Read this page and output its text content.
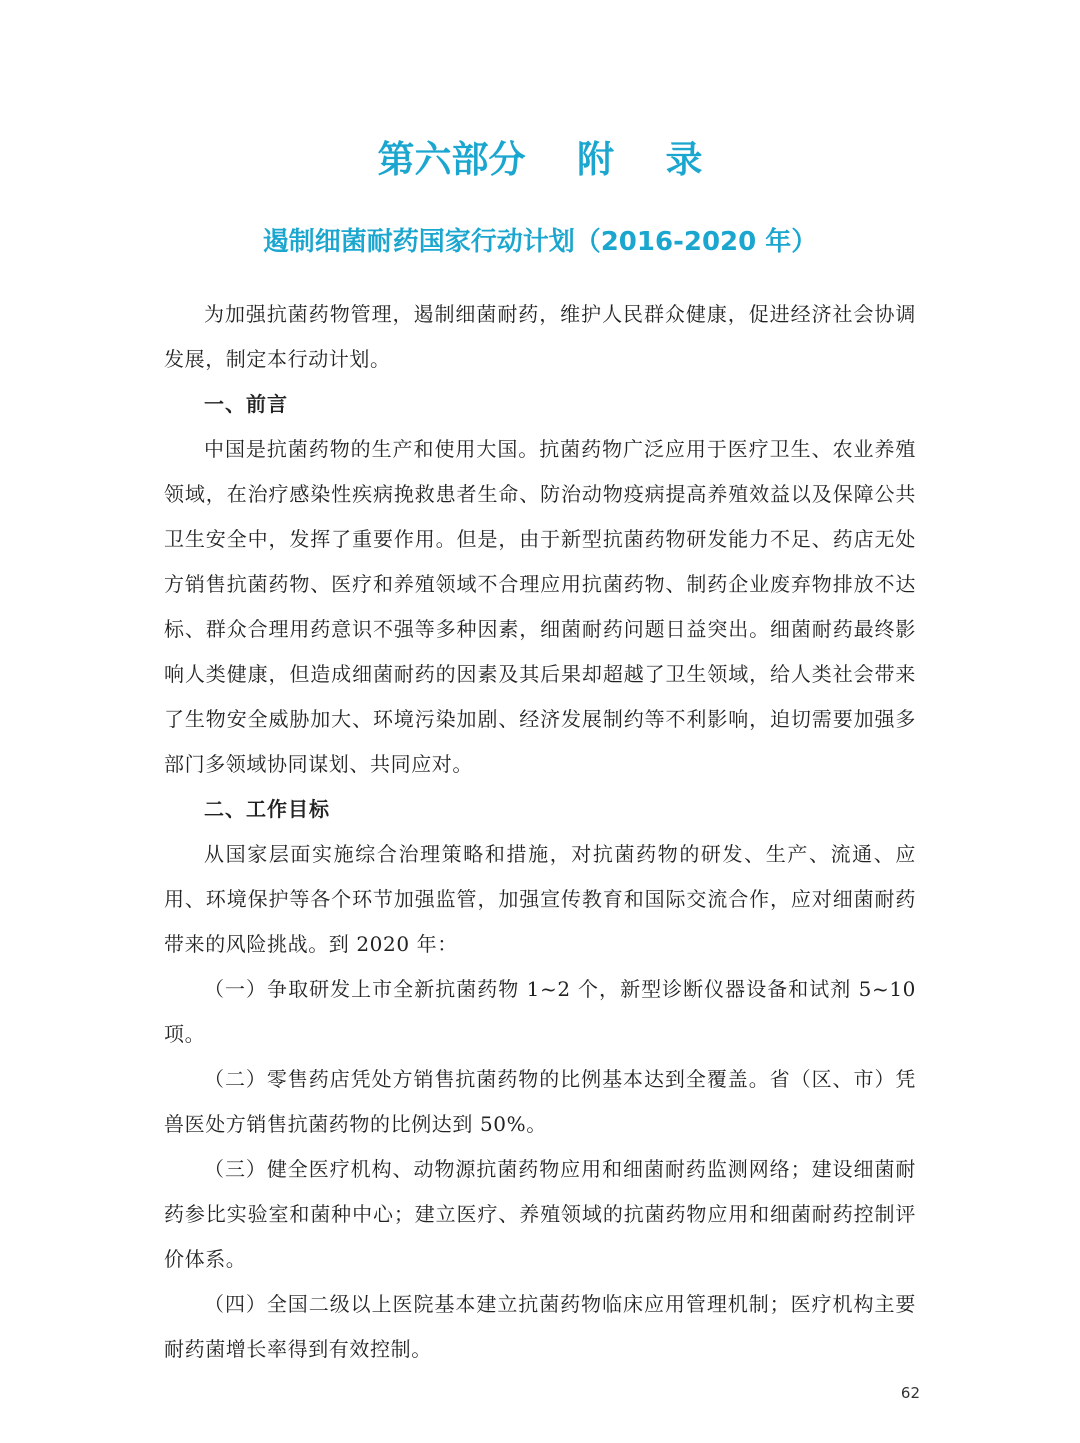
第六部分    附    录
遏制细菌耐药国家行动计划（2016-2020 年）

为加强抗菌药物管理，遏制细菌耐药，维护人民群众健康，促进经济社会协调发展，制定本行动计划。

一、前言

中国是抗菌药物的生产和使用大国。抗菌药物广泛应用于医疗卫生、农业养殖领域，在治疗感染性疾病挽救患者生命、防治动物疫病提高养殖效益以及保障公共卫生安全中，发挥了重要作用。但是，由于新型抗菌药物研发能力不足、药店无处方销售抗菌药物、医疗和养殖领域不合理应用抗菌药物、制药企业废弃物排放不达标、群众合理用药意识不强等多种因素，细菌耐药问题日益突出。细菌耐药最终影响人类健康，但造成细菌耐药的因素及其后果却超越了卫生领域，给人类社会带来了生物安全威胁加大、环境污染加剧、经济发展制约等不利影响，迫切需要加强多部门多领域协同谋划、共同应对。

二、工作目标

从国家层面实施综合治理策略和措施，对抗菌药物的研发、生产、流通、应用、环境保护等各个环节加强监管，加强宣传教育和国际交流合作，应对细菌耐药带来的风险挑战。到 2020 年：

（一）争取研发上市全新抗菌药物 1~2 个，新型诊断仪器设备和试剂 5~10 项。

（二）零售药店凭处方销售抗菌药物的比例基本达到全覆盖。省（区、市）凭兽医处方销售抗菌药物的比例达到 50%。

（三）健全医疗机构、动物源抗菌药物应用和细菌耐药监测网络；建设细菌耐药参比实验室和菌种中心；建立医疗、养殖领域的抗菌药物应用和细菌耐药控制评价体系。

（四）全国二级以上医院基本建立抗菌药物临床应用管理机制；医疗机构主要耐药菌增长率得到有效控制。

62
